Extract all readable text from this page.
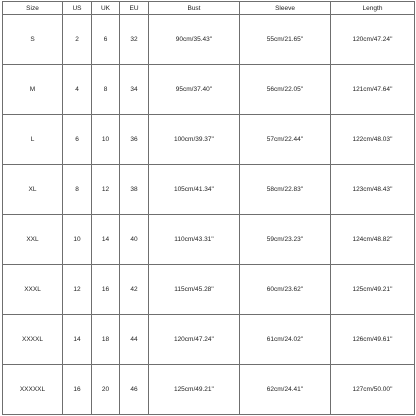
Size	US	UK	EU	Bust	Sleeve	Length
S	2	6	32	90cm/35.43''	55cm/21.65''	120cm/47.24''
M	4	8	34	95cm/37.40''	56cm/22.05''	121cm/47.64''
L	6	10	36	100cm/39.37''	57cm/22.44''	122cm/48.03''
XL	8	12	38	105cm/41.34''	58cm/22.83''	123cm/48.43''
XXL	10	14	40	110cm/43.31''	59cm/23.23''	124cm/48.82''
XXXL	12	16	42	115cm/45.28''	60cm/23.62''	125cm/49.21''
XXXXL	14	18	44	120cm/47.24''	61cm/24.02''	126cm/49.61''
XXXXXL	16	20	46	125cm/49.21''	62cm/24.41''	127cm/50.00''
